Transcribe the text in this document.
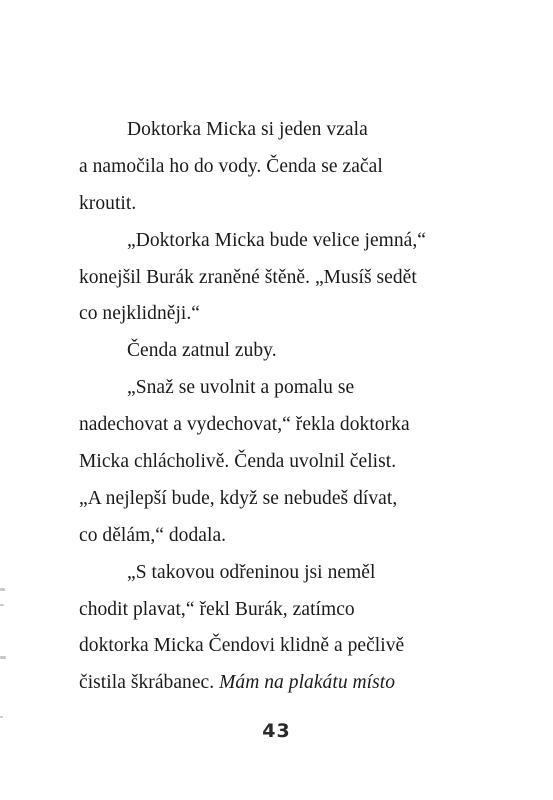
Doktorka Micka si jeden vzala
a namočila ho do vody. Čenda se začal
kroutit.
„Doktorka Micka bude velice jemná,“
konejšil Burák zraněné štěně. „Musíš sedět
co nejklidněji.“
Čenda zatnul zuby.
„Snaž se uvolnit a pomalu se
nadechovat a vydechovat,“ řekla doktorka
Micka chlácholivě. Čenda uvolnil čelist.
„A nejlepší bude, když se nebudeš dívat,
co dělám,“ dodala.
„S takovou odřeninou jsi neměl
chodit plavat,“ řekl Burák, zatímco
doktorka Micka Čendovi klidně a pečlivě
čistila škrábanec. Mám na plakátu místo
43
